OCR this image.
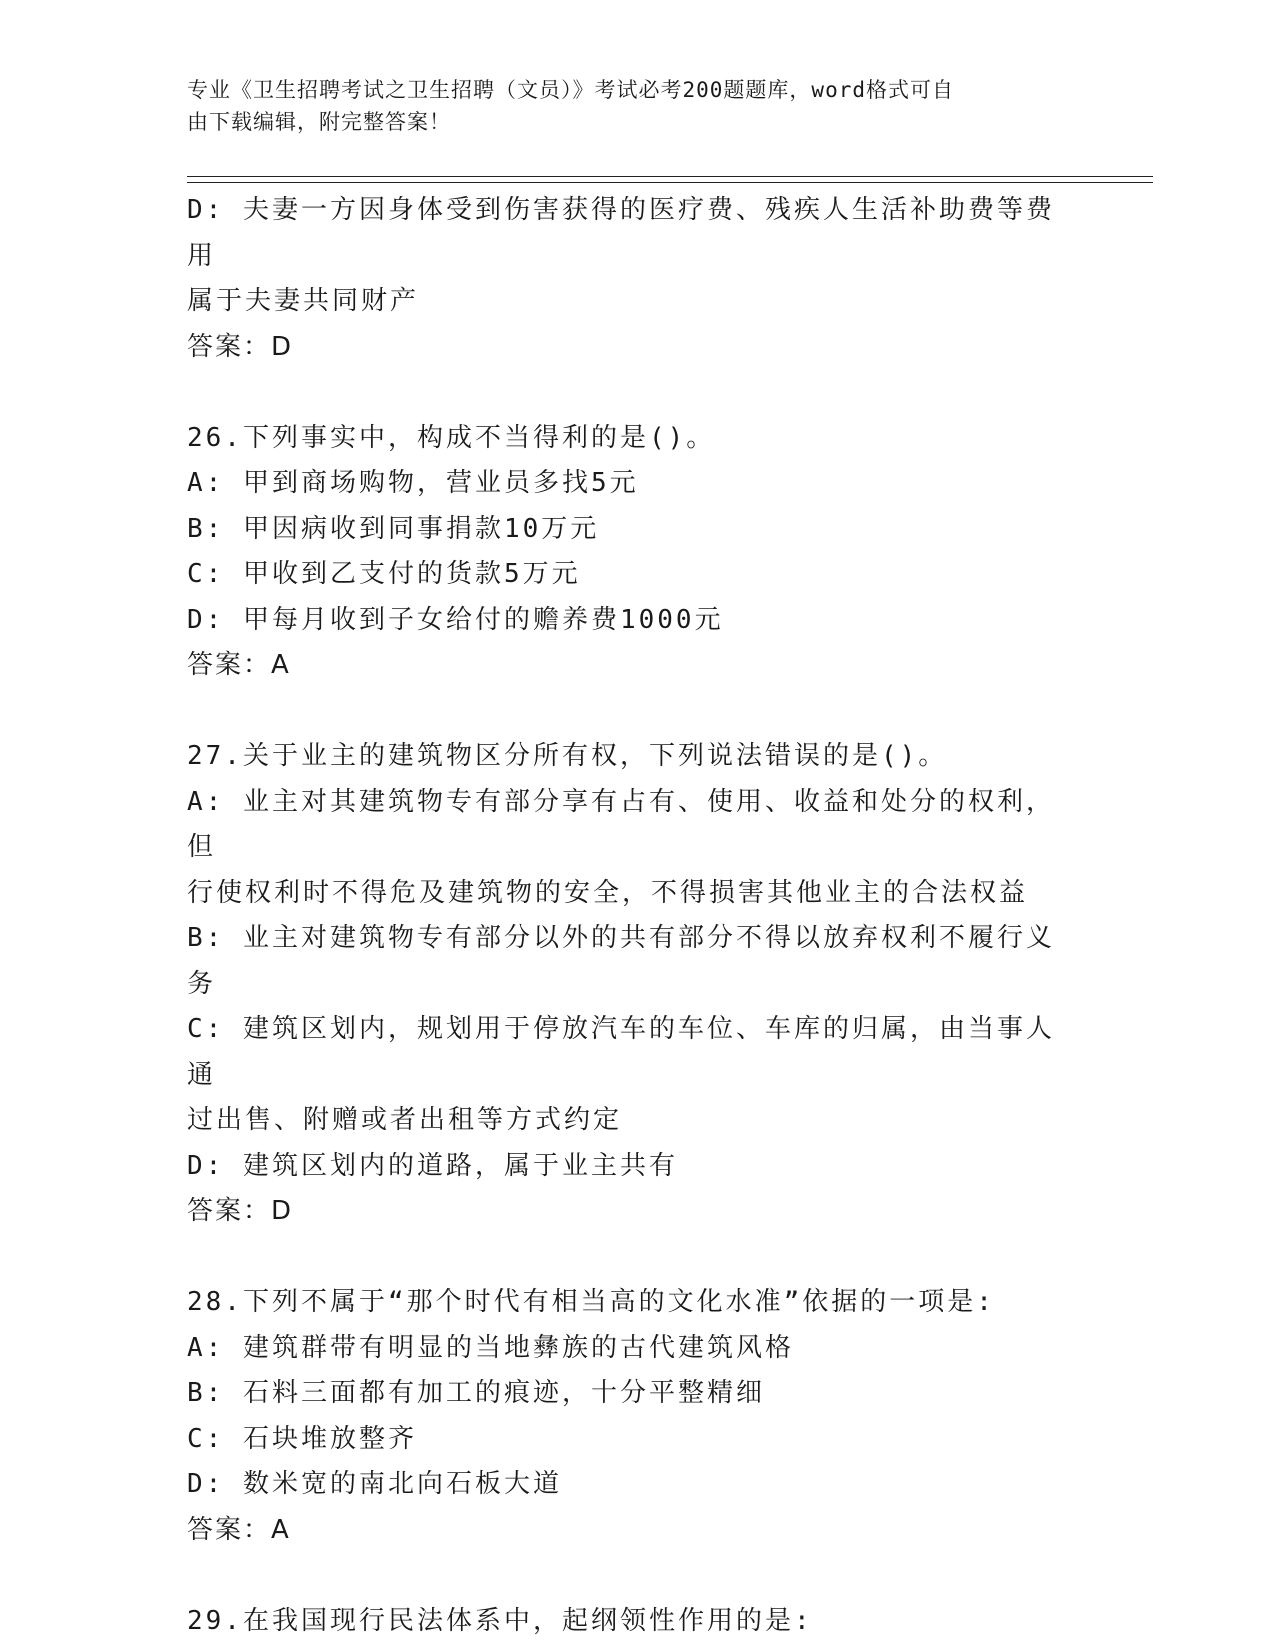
专业《卫生招聘考试之卫生招聘（文员）》考试必考200题题库，word格式可自
由下载编辑，附完整答案！

D: 夫妻一方因身体受到伤害获得的医疗费、残疾人生活补助费等费用

属于夫妻共同财产

答案：D

26.下列事实中，构成不当得利的是()。

A: 甲到商场购物，营业员多找5元

B: 甲因病收到同事捐款10万元

C: 甲收到乙支付的货款5万元

D: 甲每月收到子女给付的赡养费1000元

答案：A

27.关于业主的建筑物区分所有权，下列说法错误的是()。

A: 业主对其建筑物专有部分享有占有、使用、收益和处分的权利，但

行使权利时不得危及建筑物的安全，不得损害其他业主的合法权益

B: 业主对建筑物专有部分以外的共有部分不得以放弃权利不履行义务

C: 建筑区划内，规划用于停放汽车的车位、车库的归属，由当事人通

过出售、附赠或者出租等方式约定

D: 建筑区划内的道路，属于业主共有

答案：D

28.下列不属于“那个时代有相当高的文化水准”依据的一项是:

A: 建筑群带有明显的当地彝族的古代建筑风格

B: 石料三面都有加工的痕迹，十分平整精细

C: 石块堆放整齐

D: 数米宽的南北向石板大道

答案：A

29.在我国现行民法体系中，起纲领性作用的是:
